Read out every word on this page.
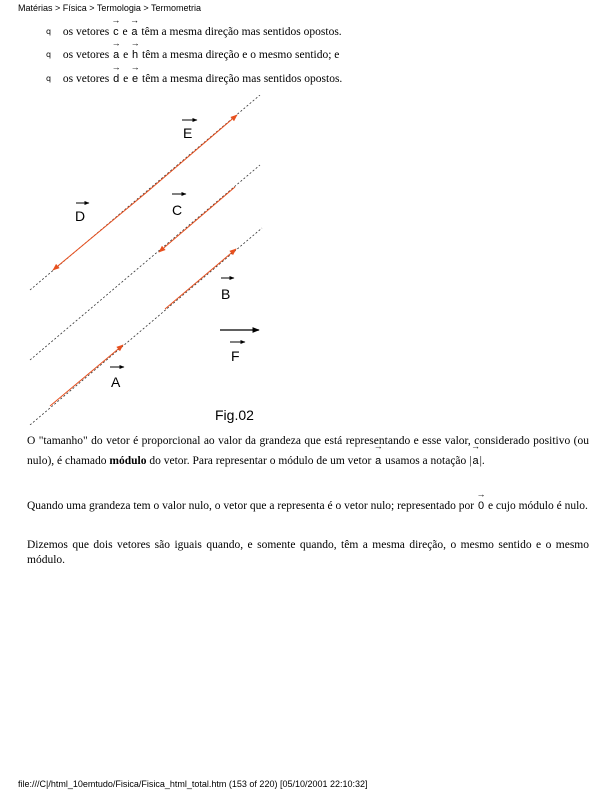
Matérias > Física > Termologia > Termometria
q os vetores → c e → a têm a mesma direção mas sentidos opostos.
q os vetores → a e → h têm a mesma direção e o mesmo sentido; e
q os vetores → d e → e têm a mesma direção mas sentidos opostos.
E
D	C
B
F
A
Fig.02
O "tamanho" do vetor é proporcional ao valor da grandeza que está representando e esse valor, considerado positivo (ou nulo), é chamado módulo do vetor. Para representar o módulo de um vetor → a usamos a notação |→ a|.
Quando uma grandeza tem o valor nulo, o vetor que a representa é o vetor nulo; representado por → 0 e cujo módulo é nulo.
Dizemos que dois vetores são iguais quando, e somente quando, têm a mesma direção, o mesmo sentido e o mesmo módulo.
file:///C|/html_10emtudo/Fisica/Fisica_html_total.htm (153 of 220) [05/10/2001 22:10:32]
